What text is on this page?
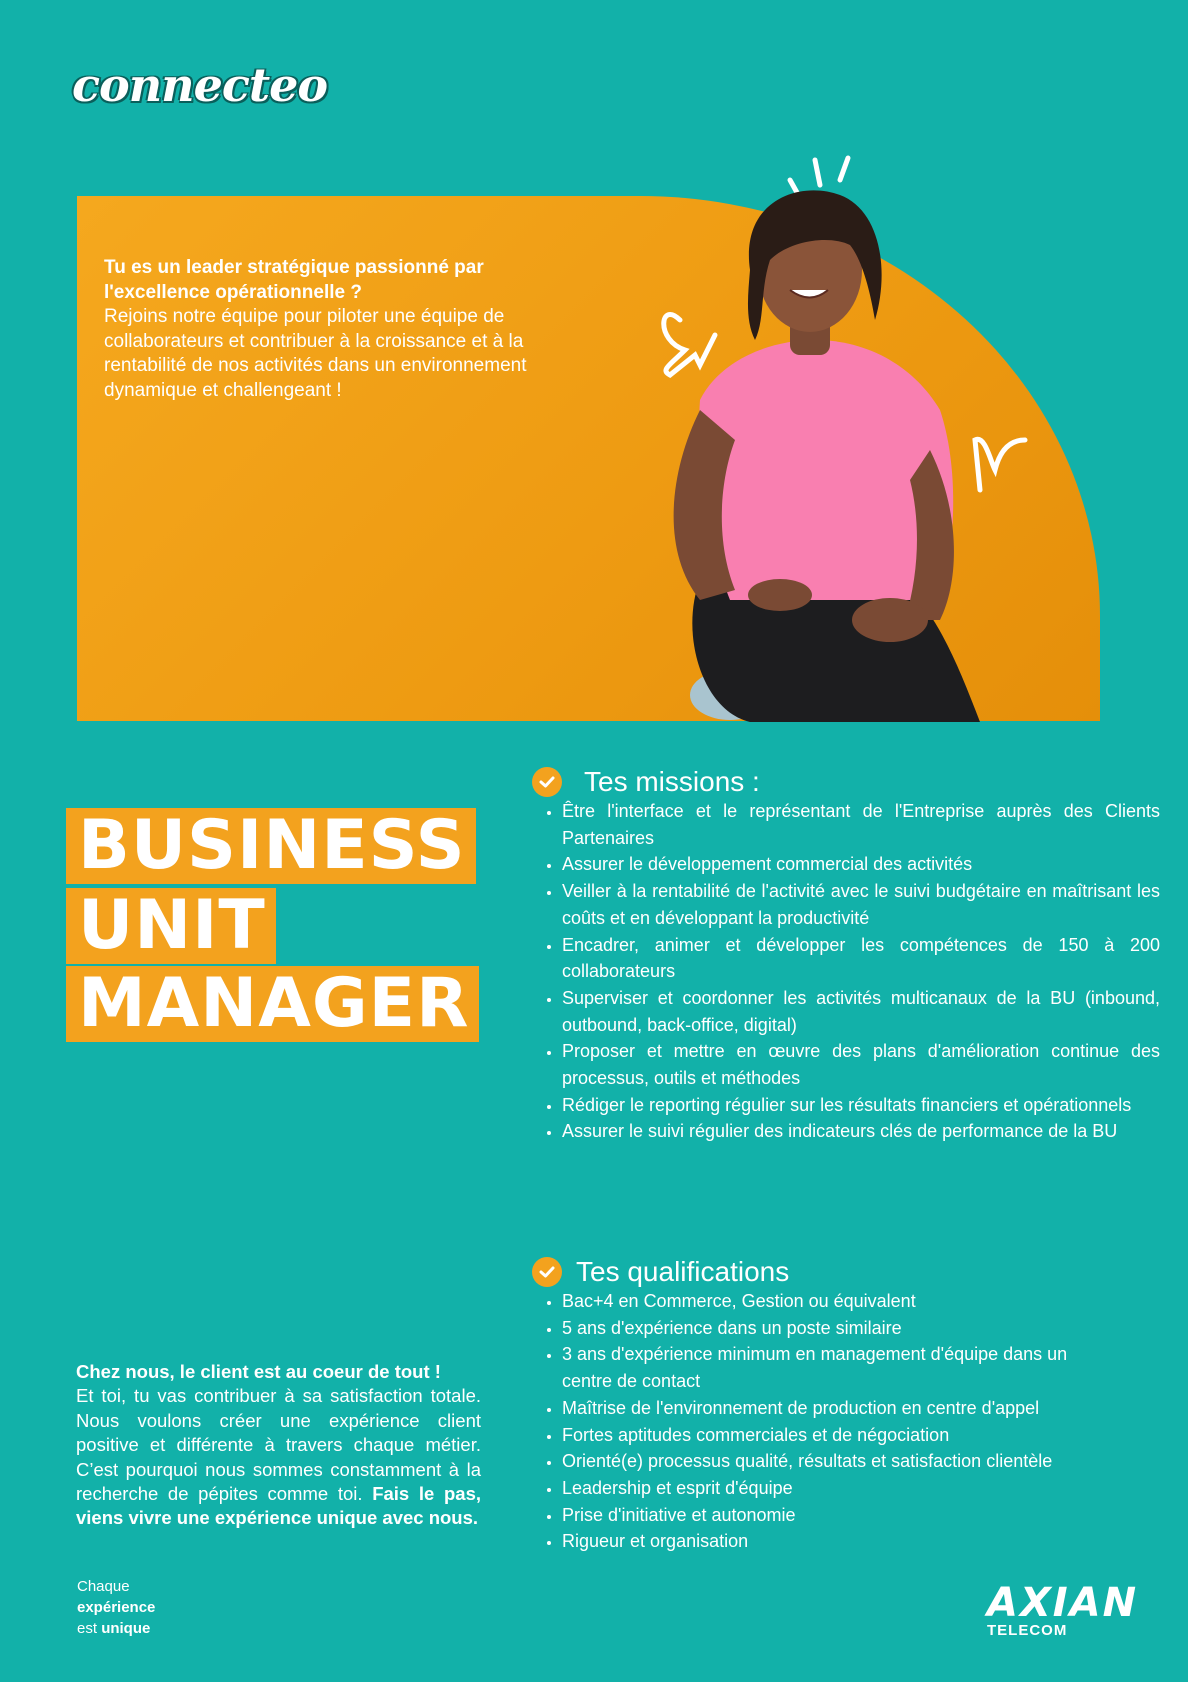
connecteo
Tu es un leader stratégique passionné par l'excellence opérationnelle ?
Rejoins notre équipe pour piloter une équipe de collaborateurs et contribuer à la croissance et à la rentabilité de nos activités dans un environnement dynamique et challengeant !
BUSINESS
UNIT
MANAGER
Tes missions :
• Être l'interface et le représentant de l'Entreprise auprès des Clients Partenaires
• Assurer le développement commercial des activités
• Veiller à la rentabilité de l'activité avec le suivi budgétaire en maîtrisant les coûts et en développant la productivité
• Encadrer, animer et développer les compétences de 150 à 200 collaborateurs
• Superviser et coordonner les activités multicanaux de la BU (inbound, outbound, back-office, digital)
• Proposer et mettre en œuvre des plans d'amélioration continue des processus, outils et méthodes
• Rédiger le reporting régulier sur les résultats financiers et opérationnels
• Assurer le suivi régulier des indicateurs clés de performance de la BU
Tes qualifications
• Bac+4 en Commerce, Gestion ou équivalent
• 5 ans d'expérience dans un poste similaire
• 3 ans d'expérience minimum en management d'équipe dans un centre de contact
• Maîtrise de l'environnement de production en centre d'appel
• Fortes aptitudes commerciales et de négociation
• Orienté(e) processus qualité, résultats et satisfaction clientèle
• Leadership et esprit d'équipe
• Prise d'initiative et autonomie
• Rigueur et organisation
Chez nous, le client est au coeur de tout !
Et toi, tu vas contribuer à sa satisfaction totale. Nous voulons créer une expérience client positive et différente à travers chaque métier. C’est pourquoi nous sommes constamment à la recherche de pépites comme toi. Fais le pas, viens vivre une expérience unique avec nous.
Chaque
expérience
est unique
AXIAN
TELECOM
